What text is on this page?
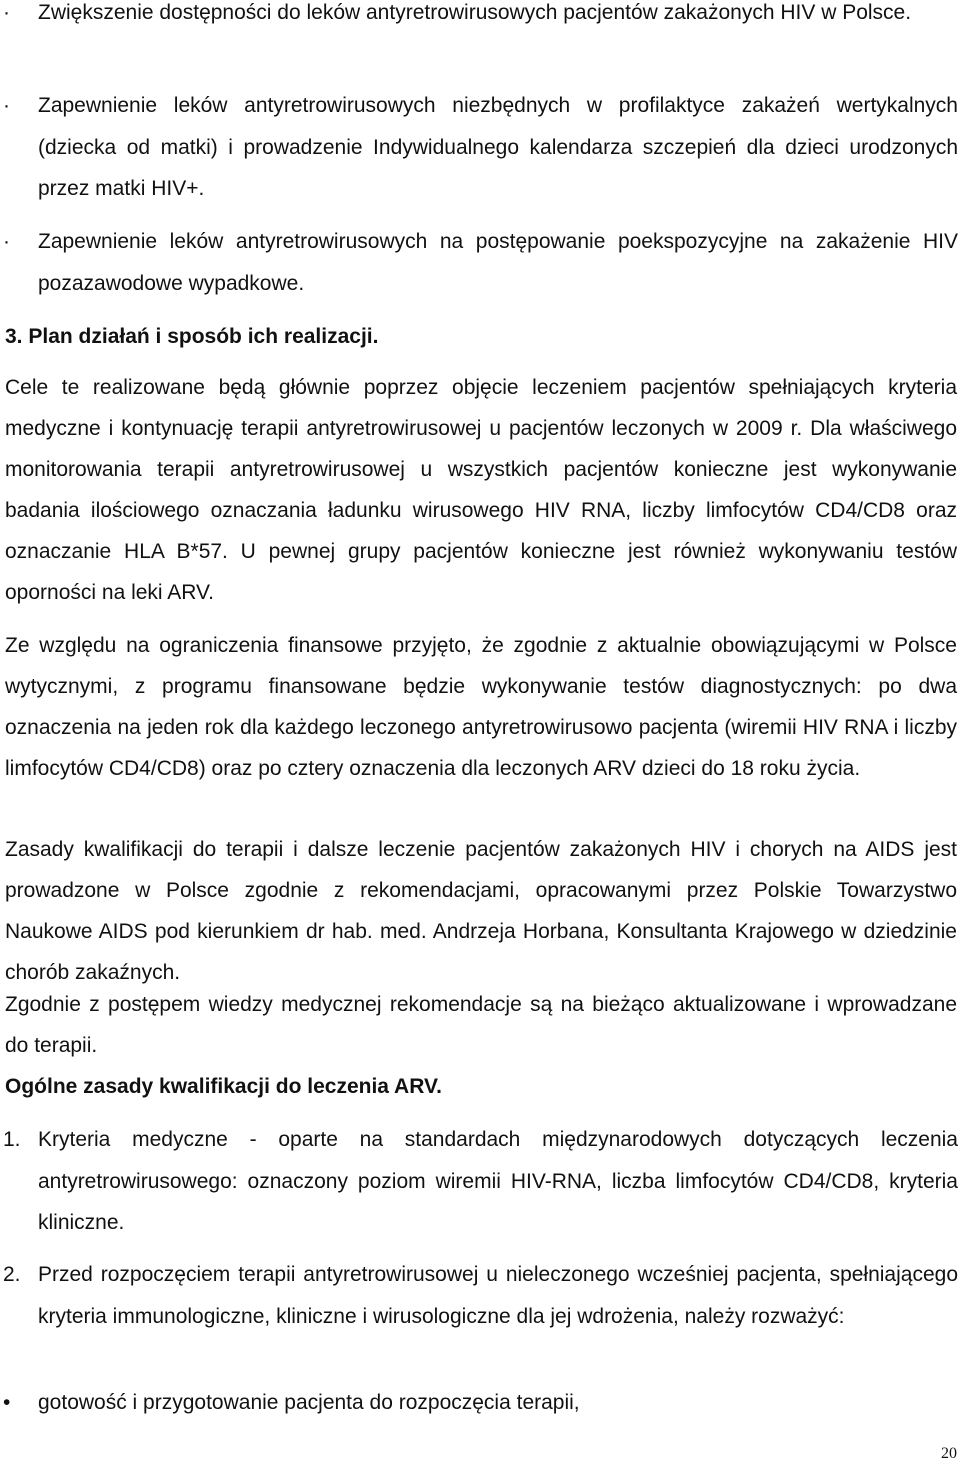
·	Zwiększenie dostępności do leków antyretrowirusowych pacjentów zakażonych HIV w Polsce.
·	Zapewnienie leków antyretrowirusowych niezbędnych w profilaktyce zakażeń wertykalnych (dziecka od matki) i prowadzenie Indywidualnego kalendarza szczepień dla dzieci urodzonych przez matki HIV+.
·	Zapewnienie leków antyretrowirusowych na postępowanie poekspozycyjne na zakażenie HIV pozazawodowe wypadkowe.
3. Plan działań i sposób ich realizacji.

Cele te realizowane będą głównie poprzez objęcie leczeniem pacjentów spełniających kryteria medyczne i kontynuację terapii antyretrowirusowej u pacjentów leczonych w 2009 r. Dla właściwego monitorowania terapii antyretrowirusowej u wszystkich pacjentów konieczne jest wykonywanie badania ilościowego oznaczania ładunku wirusowego HIV RNA, liczby limfocytów CD4/CD8 oraz oznaczanie HLA B*57. U pewnej grupy pacjentów konieczne jest również wykonywaniu testów oporności na leki ARV.

Ze względu na ograniczenia finansowe przyjęto, że zgodnie z aktualnie obowiązującymi w Polsce wytycznymi, z programu finansowane będzie wykonywanie testów diagnostycznych: po dwa oznaczenia na jeden rok dla każdego leczonego antyretrowirusowo pacjenta (wiremii HIV RNA i liczby limfocytów CD4/CD8) oraz po cztery oznaczenia dla leczonych ARV dzieci do 18 roku życia.

Zasady kwalifikacji do terapii i dalsze leczenie pacjentów zakażonych HIV i chorych na AIDS jest prowadzone w Polsce zgodnie z rekomendacjami, opracowanymi przez Polskie Towarzystwo Naukowe AIDS pod kierunkiem dr hab. med. Andrzeja Horbana, Konsultanta Krajowego w dziedzinie chorób zakaźnych.

Zgodnie z postępem wiedzy medycznej rekomendacje są na bieżąco aktualizowane i wprowadzane do terapii.

Ogólne zasady kwalifikacji do leczenia ARV.
1. Kryteria medyczne - oparte na standardach międzynarodowych dotyczących leczenia antyretrowirusowego: oznaczony poziom wiremii HIV-RNA, liczba limfocytów CD4/CD8, kryteria kliniczne.
2. Przed rozpoczęciem terapii antyretrowirusowej u nieleczonego wcześniej pacjenta, spełniającego kryteria immunologiczne, kliniczne i wirusologiczne dla jej wdrożenia, należy rozważyć:
•	gotowość i przygotowanie pacjenta do rozpoczęcia terapii,
20
